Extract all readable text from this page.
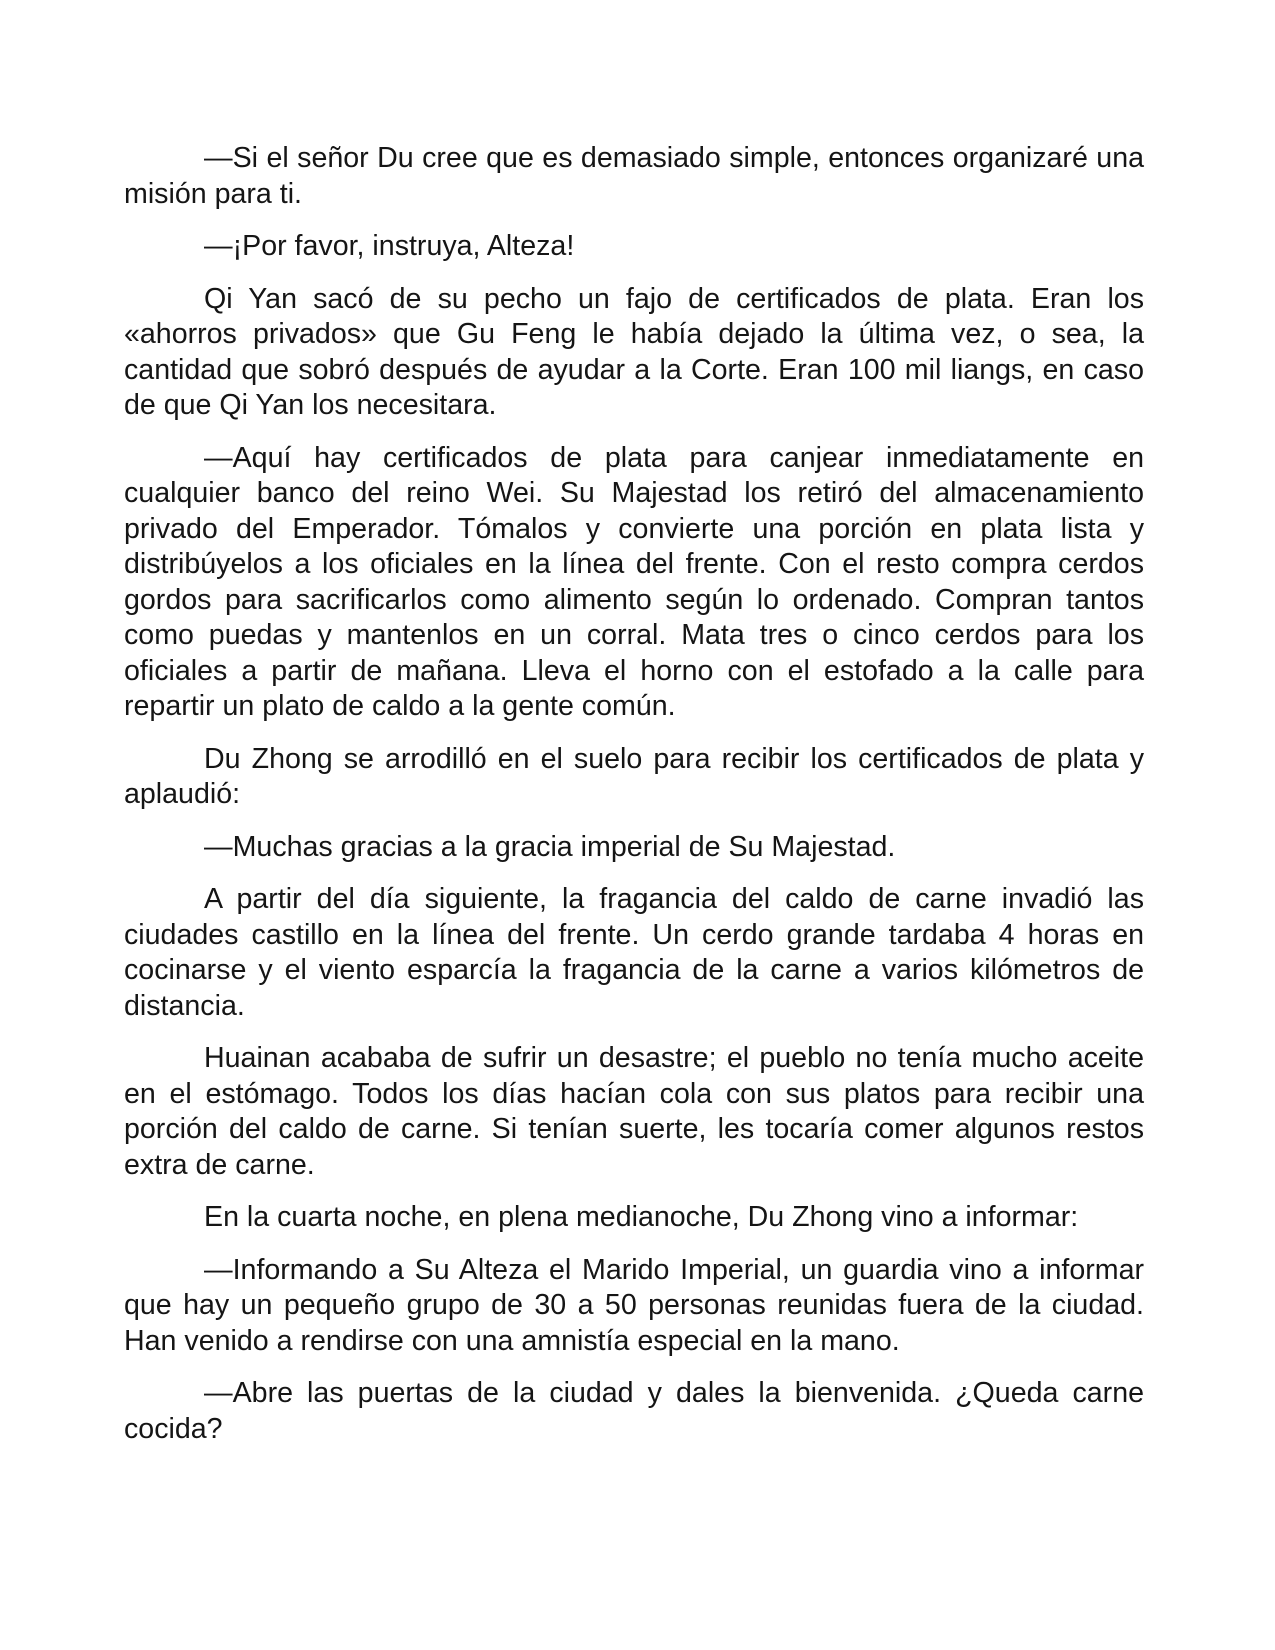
—Si el señor Du cree que es demasiado simple, entonces organizaré una misión para ti.

—¡Por favor, instruya, Alteza!

Qi Yan sacó de su pecho un fajo de certificados de plata. Eran los «ahorros privados» que Gu Feng le había dejado la última vez, o sea, la cantidad que sobró después de ayudar a la Corte. Eran 100 mil liangs, en caso de que Qi Yan los necesitara.

—Aquí hay certificados de plata para canjear inmediatamente en cualquier banco del reino Wei. Su Majestad los retiró del almacenamiento privado del Emperador. Tómalos y convierte una porción en plata lista y distribúyelos a los oficiales en la línea del frente. Con el resto compra cerdos gordos para sacrificarlos como alimento según lo ordenado. Compran tantos como puedas y mantenlos en un corral. Mata tres o cinco cerdos para los oficiales a partir de mañana. Lleva el horno con el estofado a la calle para repartir un plato de caldo a la gente común.

Du Zhong se arrodilló en el suelo para recibir los certificados de plata y aplaudió:

—Muchas gracias a la gracia imperial de Su Majestad.

A partir del día siguiente, la fragancia del caldo de carne invadió las ciudades castillo en la línea del frente. Un cerdo grande tardaba 4 horas en cocinarse y el viento esparcía la fragancia de la carne a varios kilómetros de distancia.

Huainan acababa de sufrir un desastre; el pueblo no tenía mucho aceite en el estómago. Todos los días hacían cola con sus platos para recibir una porción del caldo de carne. Si tenían suerte, les tocaría comer algunos restos extra de carne.

En la cuarta noche, en plena medianoche, Du Zhong vino a informar:

—Informando a Su Alteza el Marido Imperial, un guardia vino a informar que hay un pequeño grupo de 30 a 50 personas reunidas fuera de la ciudad. Han venido a rendirse con una amnistía especial en la mano.

—Abre las puertas de la ciudad y dales la bienvenida. ¿Queda carne cocida?
